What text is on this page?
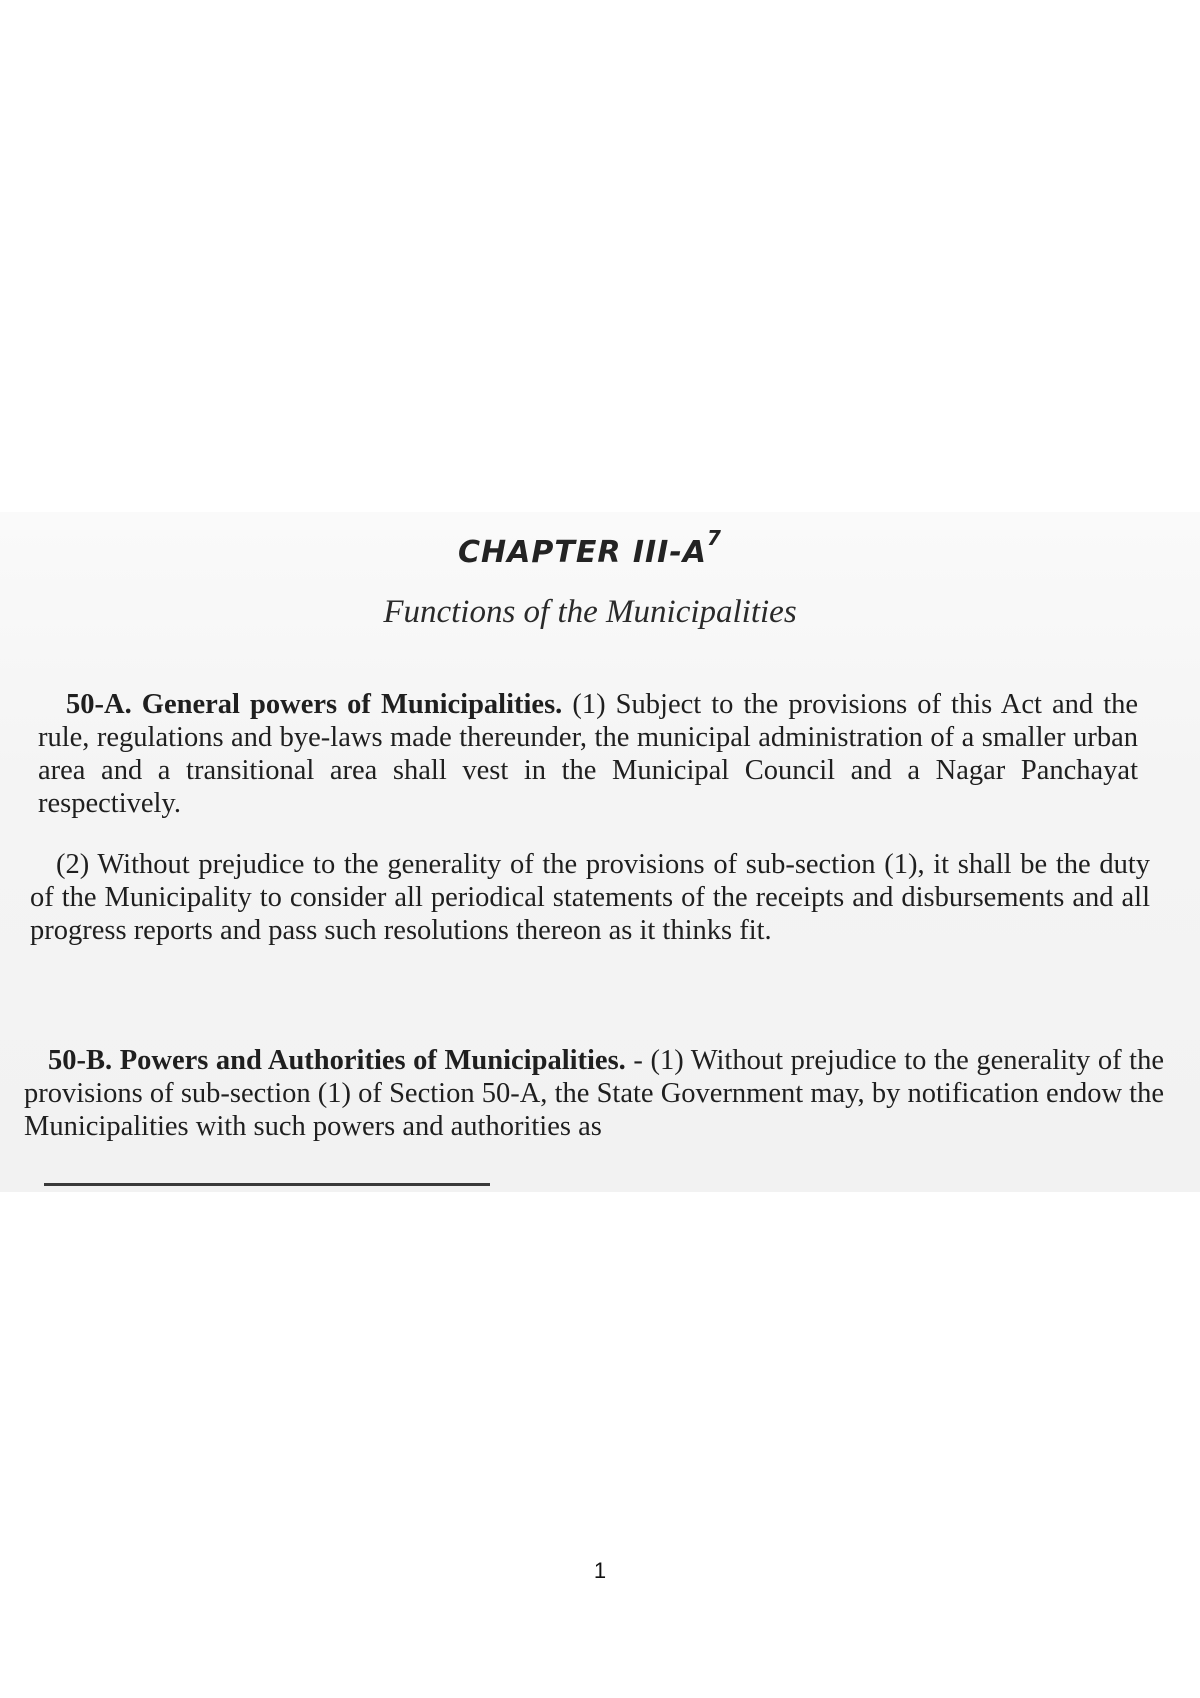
CHAPTER III-$A^7$
Functions of the Municipalities
50-A. General powers of Municipalities. (1) Subject to the provisions of this Act and the rule, regulations and bye-laws made thereunder, the municipal administration of a smaller urban area and a transitional area shall vest in the Municipal Council and a Nagar Panchayat respectively.
(2) Without prejudice to the generality of the provisions of sub-section (1), it shall be the duty of the Municipality to consider all periodical statements of the receipts and disbursements and all progress reports and pass such resolutions thereon as it thinks fit.
50-B. Powers and Authorities of Municipalities. - (1) Without prejudice to the generality of the provisions of sub-section (1) of Section 50-A, the State Government may, by notification endow the Municipalities with such powers and authorities as
1
